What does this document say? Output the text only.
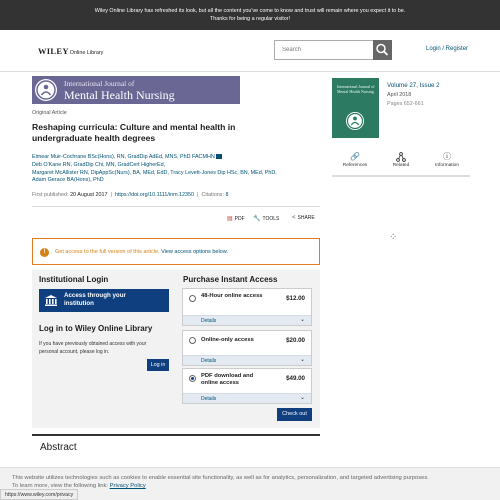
Wiley Online Library has refreshed its look, but all the content you've come to know and trust will remain where you expect it to be.
Thanks for being a regular visitor!
WILEYOnline Library
Search
Login / Register
International Journal of
Mental Health Nursing
Original Article
Reshaping curricula: Culture and mental health in undergraduate health degrees
Eimear Muir-Cochrane BSc(Hons), RN, GradDip AdEd, MNS, PhD FACMHN
Deb O'Kane RN, GradDip Chi, MN, GradCert HigherEd,
Margaret McAllister RN, DipAppSc(Nurs), BA, MEd, EdD, Tracy Levett-Jones Dip HSc, BN, MEd, PhD,
Adam Gerace BA(Hons), PhD
First published: 20 August 2017  |  https://doi.org/10.1111/inm.12350  |  Citations: 8
▤ PDF 🔧 TOOLS < SHARE
!	Get access to the full version of this article. View access options below.
Institutional Login
Access through your
institution
Log in to Wiley Online Library
If you have previously obtained access with your personal account, please log in.
Log in
Purchase Instant Access
48-Hour online access	$12.00
Details	⌄
Online-only access	$20.00
Details	⌄
PDF download and online access
$49.00
Details	⌄
Check out
Abstract
International Journal of Mental Health Nursing
Volume 27, Issue 2
April 2018
Pages 652-661
🔗
References	Related
ⓘ
Information
⁘
This website utilizes technologies such as cookies to enable essential site functionality, as well as for analytics, personalization, and targeted advertising purposes.
To learn more, view the following link: Privacy Policy
https://www.wiley.com/privacy
